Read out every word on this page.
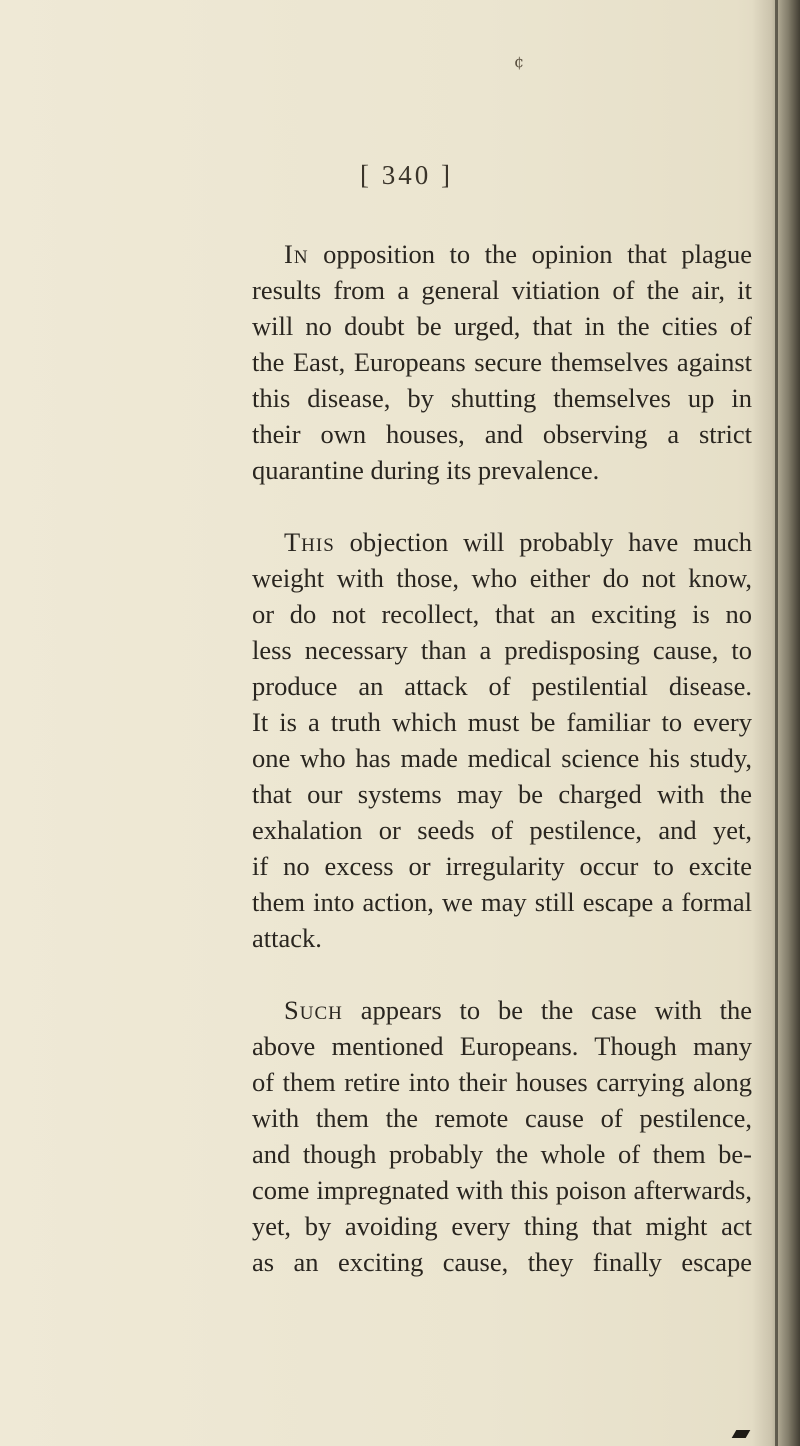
¢
[ 340 ]

In opposition to the opinion that plague
results from a general vitiation of the air, it
will no doubt be urged, that in the cities of
the East, Europeans secure themselves against
this disease, by shutting themselves up in
their own houses, and observing a strict
quarantine during its prevalence.

This objection will probably have much
weight with those, who either do not know,
or do not recollect, that an exciting is no
less necessary than a predisposing cause, to
produce an attack of pestilential disease.
It is a truth which must be familiar to every
one who has made medical science his study,
that our systems may be charged with the
exhalation or seeds of pestilence, and yet,
if no excess or irregularity occur to excite
them into action, we may still escape a formal
attack.

Such appears to be the case with the
above mentioned Europeans. Though many
of them retire into their houses carrying along
with them the remote cause of pestilence,
and though probably the whole of them be-
come impregnated with this poison afterwards,
yet, by avoiding every thing that might act
as an exciting cause, they finally escape
